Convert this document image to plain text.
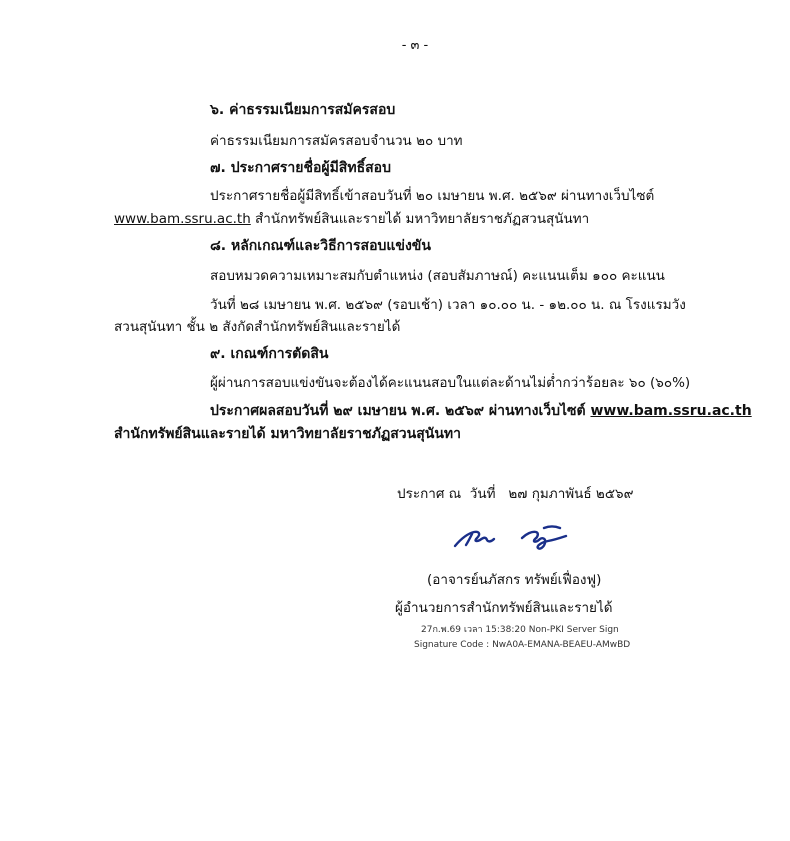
- ๓ -
๖. ค่าธรรมเนียมการสมัครสอบ
ค่าธรรมเนียมการสมัครสอบจำนวน ๒๐ บาท
๗. ประกาศรายชื่อผู้มีสิทธิ์สอบ
ประกาศรายชื่อผู้มีสิทธิ์เข้าสอบวันที่ ๒๐ เมษายน พ.ศ. ๒๕๖๙ ผ่านทางเว็บไซต์
www.bam.ssru.ac.th สำนักทรัพย์สินและรายได้ มหาวิทยาลัยราชภัฏสวนสุนันทา
๘. หลักเกณฑ์และวิธีการสอบแข่งขัน
สอบหมวดความเหมาะสมกับตำแหน่ง (สอบสัมภาษณ์) คะแนนเต็ม ๑๐๐ คะแนน
วันที่ ๒๘ เมษายน พ.ศ. ๒๕๖๙ (รอบเช้า) เวลา ๑๐.๐๐ น. - ๑๒.๐๐ น. ณ โรงแรมวัง
สวนสุนันทา ชั้น ๒ สังกัดสำนักทรัพย์สินและรายได้
๙. เกณฑ์การตัดสิน
ผู้ผ่านการสอบแข่งขันจะต้องได้คะแนนสอบในแต่ละด้านไม่ต่ำกว่าร้อยละ ๖๐ (๖๐%)
ประกาศผลสอบวันที่ ๒๙ เมษายน พ.ศ. ๒๕๖๙ ผ่านทางเว็บไซต์ www.bam.ssru.ac.th
สำนักทรัพย์สินและรายได้ มหาวิทยาลัยราชภัฏสวนสุนันทา
ประกาศ ณ  วันที่   ๒๗ กุมภาพันธ์ ๒๕๖๙
(อาจารย์นภัสกร ทรัพย์เฟื่องฟู)
ผู้อำนวยการสำนักทรัพย์สินและรายได้
27ก.พ.69 เวลา 15:38:20 Non-PKI Server Sign
Signature Code : NwA0A-EMANA-BEAEU-AMwBD
